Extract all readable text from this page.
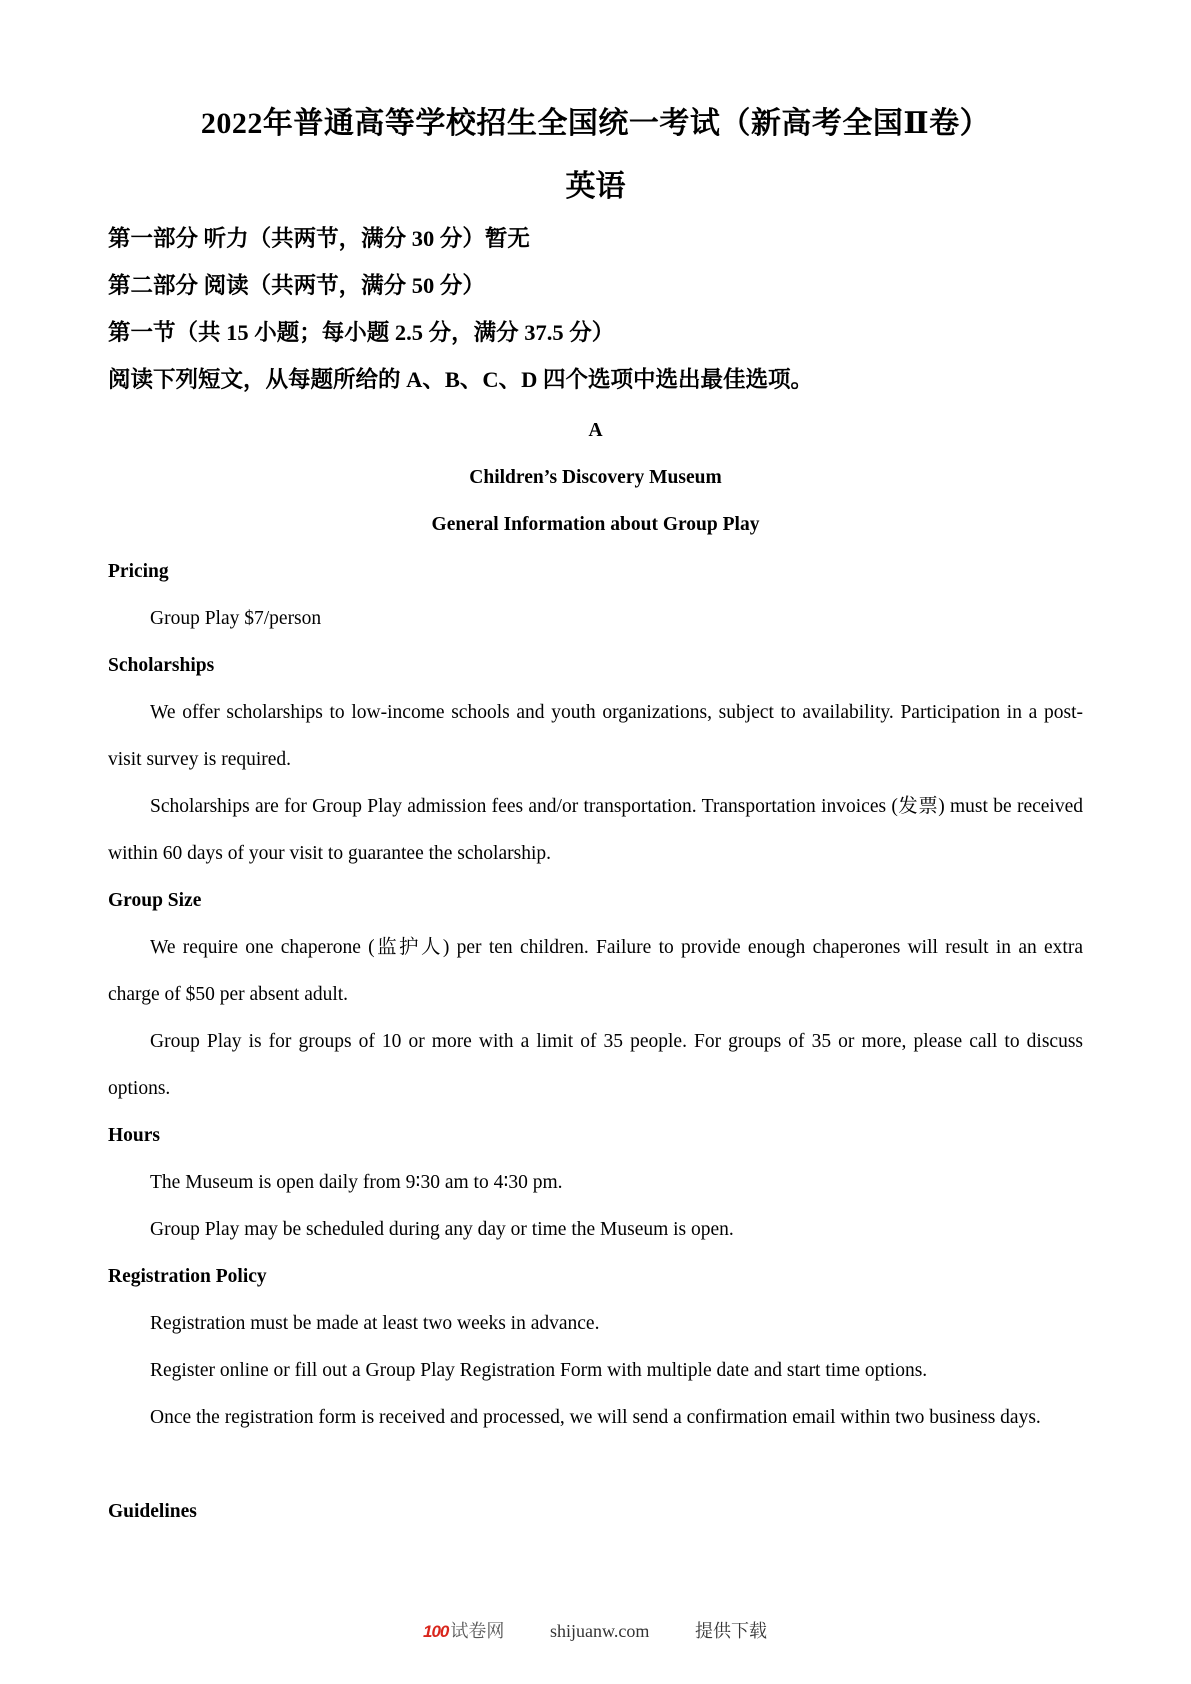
2022年普通高等学校招生全国统一考试（新高考全国Ⅱ卷）
英语
第一部分 听力（共两节，满分 30 分）暂无
第二部分 阅读（共两节，满分 50 分）
第一节（共 15 小题；每小题 2.5 分，满分 37.5 分）
阅读下列短文，从每题所给的 A、B、C、D 四个选项中选出最佳选项。
A
Children’s Discovery Museum
General Information about Group Play
Pricing
Group Play $7/person
Scholarships
We offer scholarships to low-income schools and youth organizations, subject to availability. Participation in a post-visit survey is required.
Scholarships are for Group Play admission fees and/or transportation. Transportation invoices (发票) must be received within 60 days of your visit to guarantee the scholarship.
Group Size
We require one chaperone (监护人) per ten children. Failure to provide enough chaperones will result in an extra charge of $50 per absent adult.
Group Play is for groups of 10 or more with a limit of 35 people. For groups of 35 or more, please call to discuss options.
Hours
The Museum is open daily from 9∶30 am to 4∶30 pm.
Group Play may be scheduled during any day or time the Museum is open.
Registration Policy
Registration must be made at least two weeks in advance.
Register online or fill out a Group Play Registration Form with multiple date and start time options.
Once the registration form is received and processed, we will send a confirmation email within two business days.
Guidelines
100 试卷网	shijuanw.com	提供下载
